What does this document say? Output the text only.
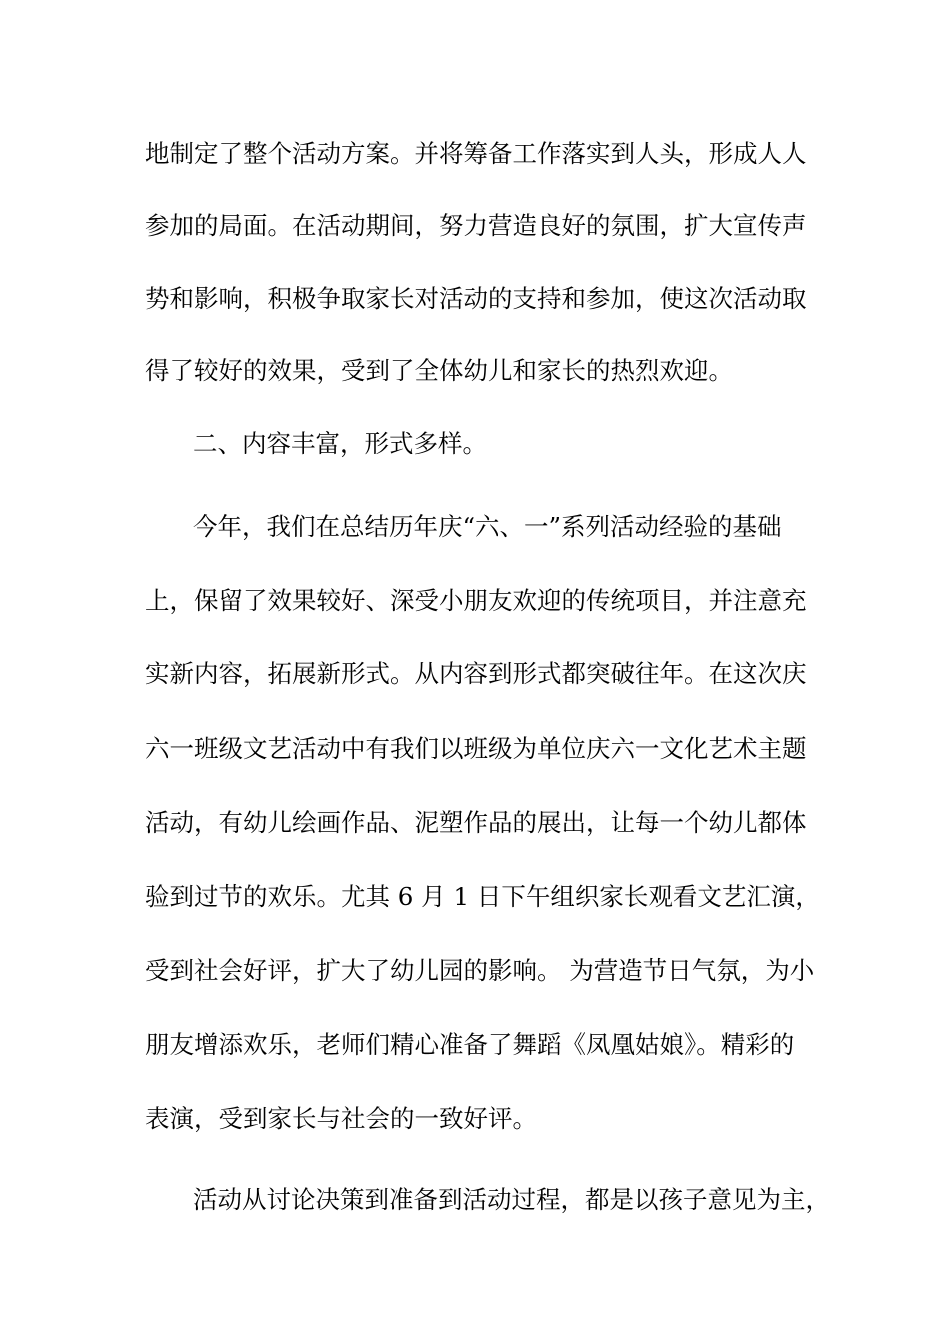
地制定了整个活动方案。并将筹备工作落实到人头，形成人人

参加的局面。在活动期间，努力营造良好的氛围，扩大宣传声

势和影响，积极争取家长对活动的支持和参加，使这次活动取

得了较好的效果，受到了全体幼儿和家长的热烈欢迎。

二、内容丰富，形式多样。

今年，我们在总结历年庆“六、一”系列活动经验的基础

上，保留了效果较好、深受小朋友欢迎的传统项目，并注意充

实新内容，拓展新形式。从内容到形式都突破往年。在这次庆

六一班级文艺活动中有我们以班级为单位庆六一文化艺术主题

活动，有幼儿绘画作品、泥塑作品的展出，让每一个幼儿都体

验到过节的欢乐。尤其 6 月 1 日下午组织家长观看文艺汇演，

受到社会好评，扩大了幼儿园的影响。 为营造节日气氛，为小

朋友增添欢乐，老师们精心准备了舞蹈《凤凰姑娘》。精彩的

表演，受到家长与社会的一致好评。

活动从讨论决策到准备到活动过程，都是以孩子意见为主，
